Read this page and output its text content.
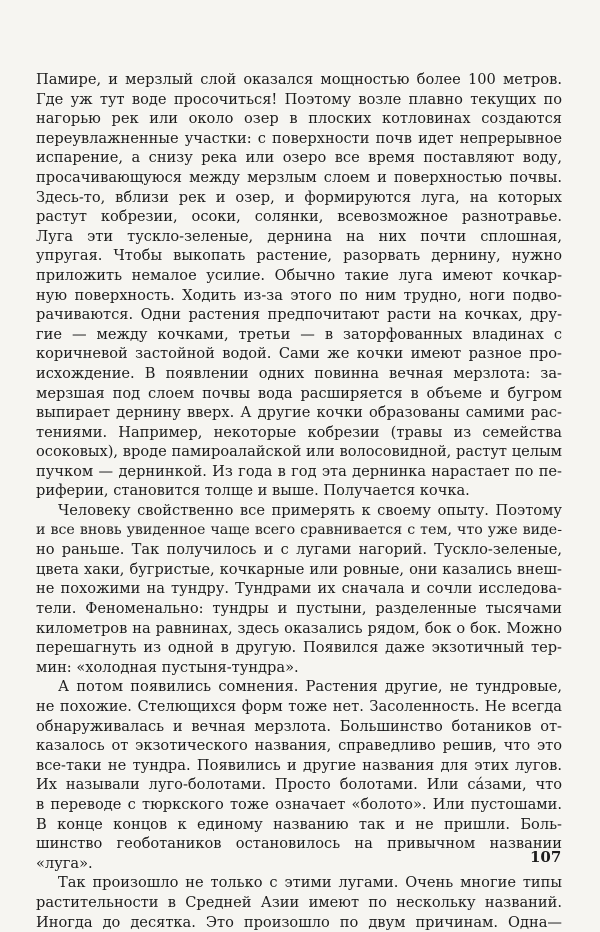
Памире, и мерзлый слой оказался мощностью более 100 метров.
Где уж тут воде просочиться! Поэтому возле плавно текущих по
нагорью рек или около озер в плоских котловинах создаются
переувлажненные участки: с поверхности почв идет непрерывное
испарение, а снизу река или озеро все время поставляют воду,
просачивающуюся между мерзлым слоем и поверхностью почвы.
Здесь-то, вблизи рек и озер, и формируются луга, на которых
растут кобрезии, осоки, солянки, всевозможное разнотравье.
Луга эти тускло-зеленые, дернина на них почти сплошная,
упругая. Чтобы выкопать растение, разорвать дернину, нужно
приложить немалое усилие. Обычно такие луга имеют кочкар-
ную поверхность. Ходить из-за этого по ним трудно, ноги подво-
рачиваются. Одни растения предпочитают расти на кочках, дру-
гие — между кочками, третьи — в заторфованных владинах с
коричневой застойной водой. Сами же кочки имеют разное про-
исхождение. В появлении одних повинна вечная мерзлота: за-
мерзшая под слоем почвы вода расширяется в объеме и бугром
выпирает дернину вверх. А другие кочки образованы самими рас-
тениями. Например, некоторые кобрезии (травы из семейства
осоковых), вроде памироалайской или волосовидной, растут целым
пучком — дернинкой. Из года в год эта дернинка нарастает по пе-
риферии, становится толще и выше. Получается кочка.
Человеку свойственно все примерять к своему опыту. Поэтому
и все вновь увиденное чаще всего сравнивается с тем, что уже виде-
но раньше. Так получилось и с лугами нагорий. Тускло-зеленые,
цвета хаки, бугристые, кочкарные или ровные, они казались внеш-
не похожими на тундру. Тундрами их сначала и сочли исследова-
тели. Феноменально: тундры и пустыни, разделенные тысячами
километров на равнинах, здесь оказались рядом, бок о бок. Можно
перешагнуть из одной в другую. Появился даже экзотичный тер-
мин: «холодная пустыня-тундра».
А потом появились сомнения. Растения другие, не тундровые,
не похожие. Стелющихся форм тоже нет. Засоленность. Не всегда
обнаруживалась и вечная мерзлота. Большинство ботаников от-
казалось от экзотического названия, справедливо решив, что это
все-таки не тундра. Появились и другие названия для этих лугов.
Их называли луго-болотами. Просто болотами. Или сáзами, что
в переводе с тюркского тоже означает «болото». Или пустошами.
В конце концов к единому названию так и не пришли. Боль-
шинство геоботаников остановилось на привычном названии
«луга».
Так произошло не только с этими лугами. Очень многие типы
растительности в Средней Азии имеют по нескольку названий.
Иногда до десятка. Это произошло по двум причинам. Одна—
107
